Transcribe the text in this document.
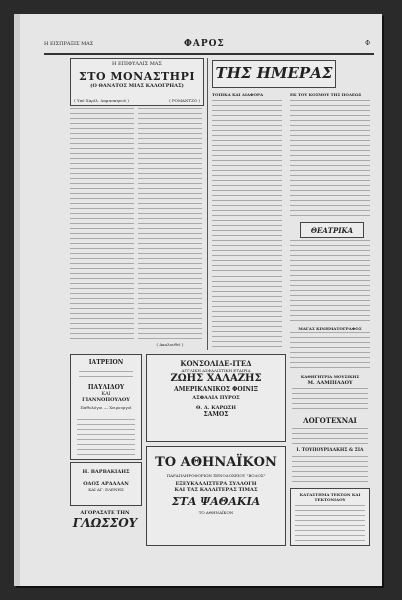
Η ΕΙΣΠΡΑΞΙΣ ΜΑΣ	ΦΑΡΟΣ	Φ
Η ΕΠΙΦΥΛΛΙΣ ΜΑΣ
ΣΤΟ ΜΟΝΑΣΤΗΡΙ
(Ο ΘΑΝΑΤΟΣ ΜΙΑΣ ΚΑΛΟΓΡΗΑΣ)
( Υπό Χαρίλ. Δαμασκηνού )	( ΡΟΜΑΝΤΖΟ )
( Ακολουθεί )
ΤΗΣ ΗΜΕΡΑΣ
ΤΟΠΙΚΑ ΚΑΙ ΔΙΑΦΟΡΑ	ΕΚ ΤΟΥ ΚΟΣΜΟΥ ΤΗΣ ΠΟΛΕΩΣ
ΘΕΑΤΡΙΚΑ
ΜΑΓΑΣ ΚΙΝΗΜΑΤΟΓΡΑΦΟΣ
ΙΑΤΡΕΙΟΝ
ΠΑΥΛΙΔΟΥ
ΚΑΙ
ΓΙΑΝΝΟΠΟΥΛΟΥ
Παθολόγοι — Χειρουργοί
Η. ΒΑΡΒΑΚΙΔΗΣ
ΟΔΟΣ ΑΡΔΑΛΑΝ
ΚΑΙ ΑΓ. ΕΛΕΝΗΣ
ΑΓΟΡΑΣΑΤΕ ΤΗΝ
ΓΛΩΣΣΟΥ
ΚΟΝΣΟΛΙΔΕ-ΙΤΕΔ
ΑΓΓΛΙΚΗ ΑΣΦΑΛΙΣΤΙΚΗ ΕΤΑΙΡΙΑ
ΖΩΗΣ ΧΑΛΑΖΗΣ
ΑΜΕΡΙΚΑΝΙΚΟΣ ΦΟΙΝΙΞ
ΑΣΦΑΛΙΑ ΠΥΡΟΣ
Θ. Δ. ΚΑΡΩΣΗ
ΣΑΜΟΣ
ΤΟ ΑΘΗΝΑΪΚΟΝ
ΠΑΡΑΠΛΗΡΟΦΟΡΙΩΝ ΞΕΝΟΔΟΧΕΙΟΥ "ΒΟΛΟΣ"
ΕΞΕΥΚΑΛΛΙΣΤΕΡΑ ΣΥΛΛΟΓΗ
ΚΑΙ ΤΑΣ ΚΑΛΛΙΤΕΡΑΣ ΤΙΜΑΣ
ΣΤΑ ΨΑΘΑΚΙΑ
ΤΟ ΑΘΗΝΑΪΚΟΝ
ΚΑΘΗΓΗΤΡΙΑ ΜΟΥΣΙΚΗΣ
Μ. ΛΑΜΠΙΑΔΟΥ
ΛΟΓΟΤΕΧΝΑΙ
Ι. ΤΟΥΠΟΥΡΙΔΑΚΗΣ & ΣΙΑ
ΚΑΤΑΣΤΗΜΑ ΤΕΚΤΩΝ ΚΑΙ ΤΕΚΤΟΝΙΔΟΥ
